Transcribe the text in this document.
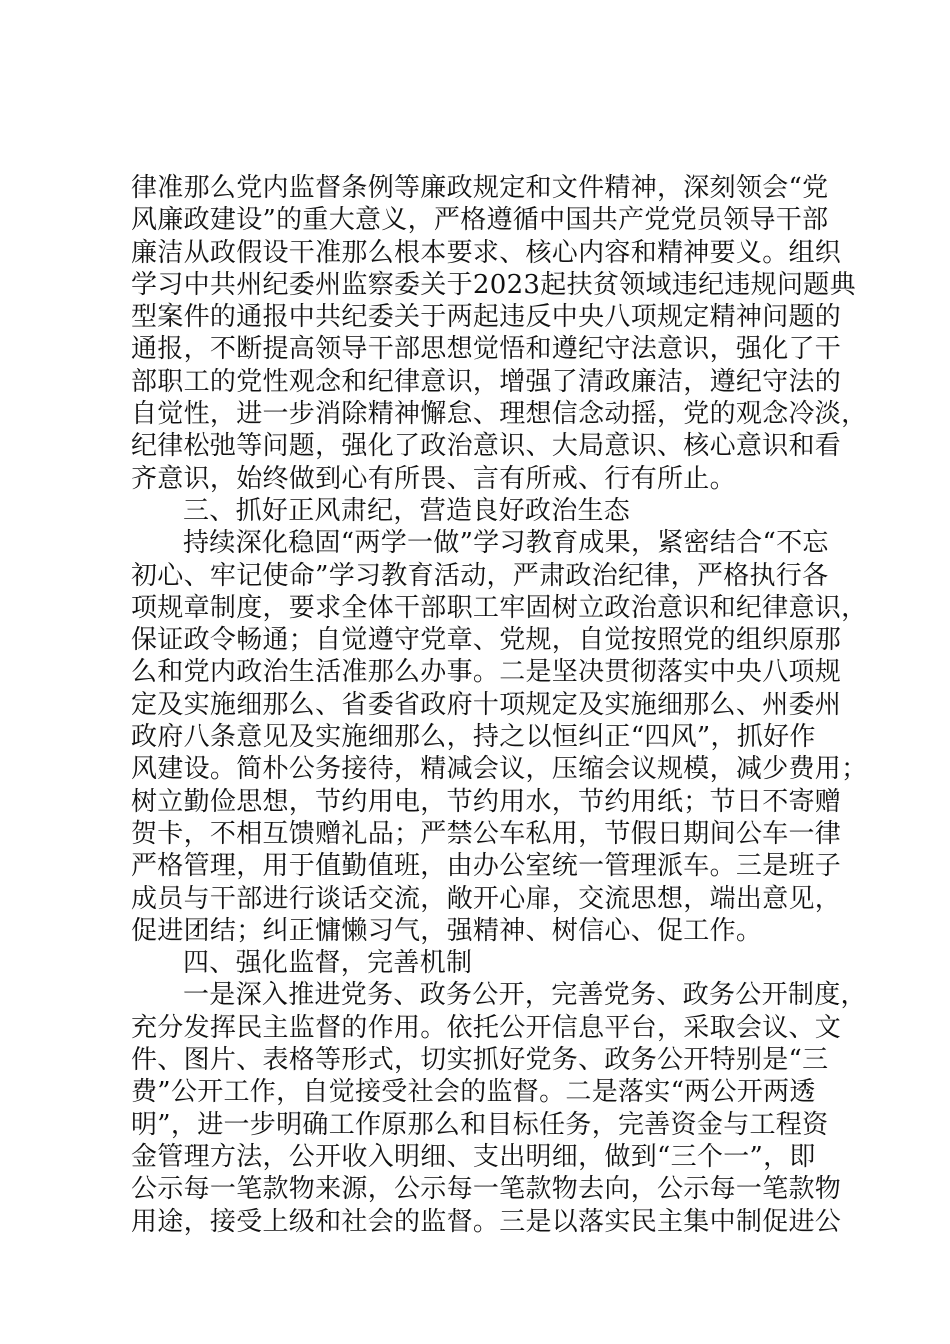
律准那么党内监督条例等廉政规定和文件精神，深刻领会“党
风廉政建设”的重大意义，严格遵循中国共产党党员领导干部
廉洁从政假设干准那么根本要求、核心内容和精神要义。组织
学习中共州纪委州监察委关于2023起扶贫领域违纪违规问题典
型案件的通报中共纪委关于两起违反中央八项规定精神问题的
通报，不断提高领导干部思想觉悟和遵纪守法意识，强化了干
部职工的党性观念和纪律意识，增强了清政廉洁，遵纪守法的
自觉性，进一步消除精神懈怠、理想信念动摇，党的观念冷淡，
纪律松弛等问题，强化了政治意识、大局意识、核心意识和看
齐意识，始终做到心有所畏、言有所戒、行有所止。
三、抓好正风肃纪，营造良好政治生态
持续深化稳固“两学一做”学习教育成果，紧密结合“不忘
初心、牢记使命”学习教育活动，严肃政治纪律，严格执行各
项规章制度，要求全体干部职工牢固树立政治意识和纪律意识，
保证政令畅通；自觉遵守党章、党规，自觉按照党的组织原那
么和党内政治生活准那么办事。二是坚决贯彻落实中央八项规
定及实施细那么、省委省政府十项规定及实施细那么、州委州
政府八条意见及实施细那么，持之以恒纠正“四风”，抓好作
风建设。简朴公务接待，精减会议，压缩会议规模，减少费用；
树立勤俭思想，节约用电，节约用水，节约用纸；节日不寄赠
贺卡，不相互馈赠礼品；严禁公车私用，节假日期间公车一律
严格管理，用于值勤值班，由办公室统一管理派车。三是班子
成员与干部进行谈话交流，敞开心扉，交流思想，端出意见，
促进团结；纠正慵懒习气，强精神、树信心、促工作。
四、强化监督，完善机制
一是深入推进党务、政务公开，完善党务、政务公开制度，
充分发挥民主监督的作用。依托公开信息平台，采取会议、文
件、图片、表格等形式，切实抓好党务、政务公开特别是“三
费”公开工作，自觉接受社会的监督。二是落实“两公开两透
明”，进一步明确工作原那么和目标任务，完善资金与工程资
金管理方法，公开收入明细、支出明细，做到“三个一”，即
公示每一笔款物来源，公示每一笔款物去向，公示每一笔款物
用途，接受上级和社会的监督。三是以落实民主集中制促进公
